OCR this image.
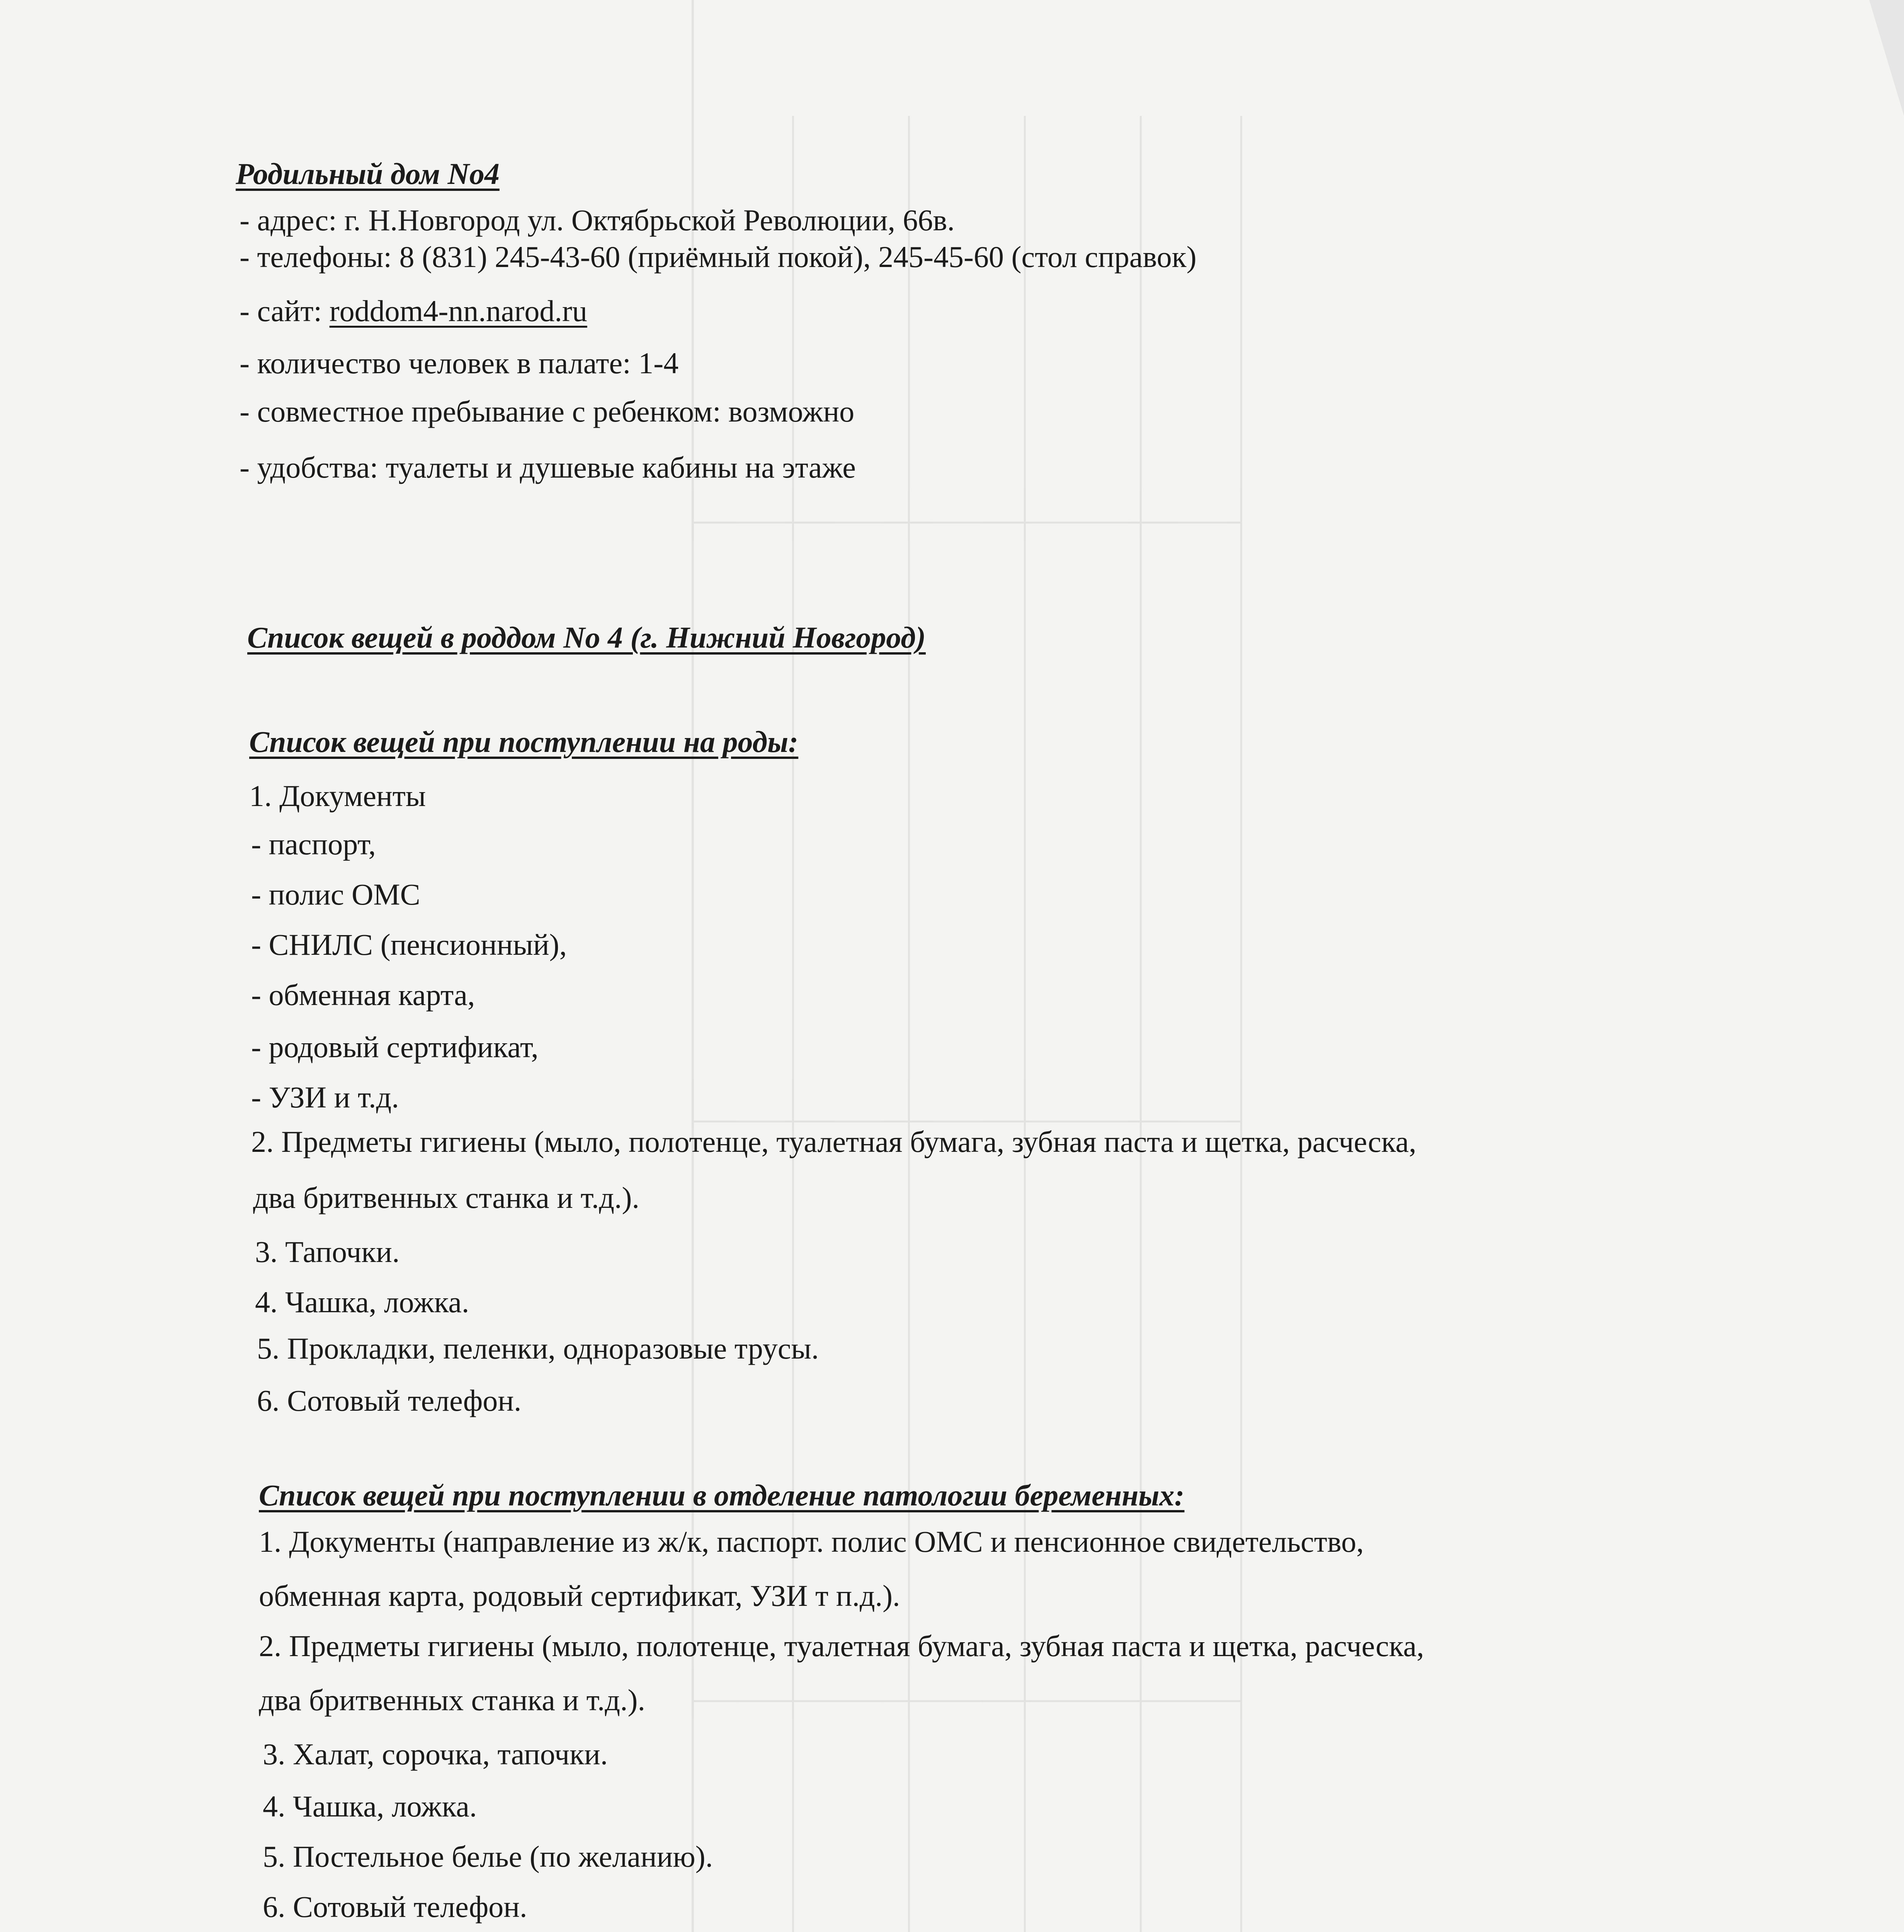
Родильный дом No4
- адрес: г. Н.Новгород ул. Октябрьской Революции, 66в.
- телефоны: 8 (831) 245-43-60 (приёмный покой), 245-45-60 (стол справок)
- сайт: roddom4-nn.narod.ru
- количество человек в палате: 1-4
- совместное пребывание с ребенком: возможно
- удобства: туалеты и душевые кабины на этаже
Список вещей в роддом No 4 (г. Нижний Новгород)
Список вещей при поступлении на роды:
1. Документы
- паспорт,
- полис ОМС
- СНИЛС (пенсионный),
- обменная карта,
- родовый сертификат,
- УЗИ и т.д.
2. Предметы гигиены (мыло, полотенце, туалетная бумага, зубная паста и щетка, расческа,
два бритвенных станка и т.д.).
3. Тапочки.
4. Чашка, ложка.
5. Прокладки, пеленки, одноразовые трусы.
6. Сотовый телефон.
Список вещей при поступлении в отделение патологии беременных:
1. Документы (направление из ж/к, паспорт. полис ОМС и пенсионное свидетельство,
обменная карта, родовый сертификат, УЗИ т п.д.).
2. Предметы гигиены (мыло, полотенце, туалетная бумага, зубная паста и щетка, расческа,
два бритвенных станка и т.д.).
3. Халат, сорочка, тапочки.
4. Чашка, ложка.
5. Постельное белье (по желанию).
6. Сотовый телефон.
